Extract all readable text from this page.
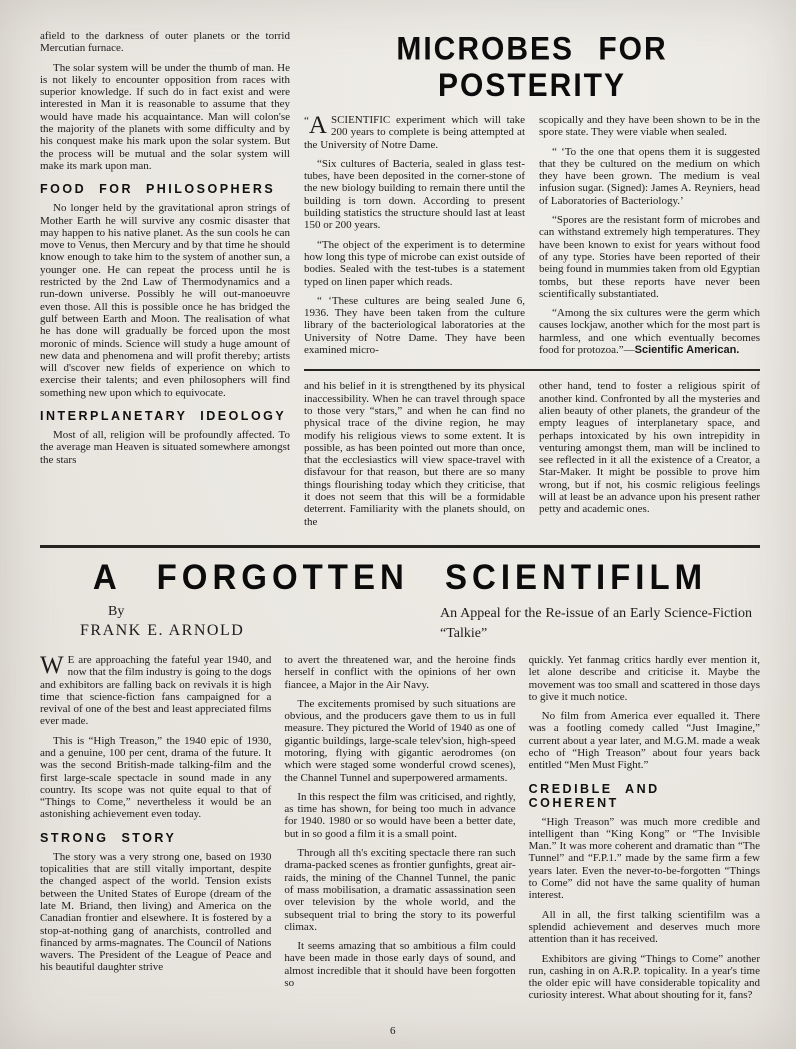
afield to the darkness of outer planets or the torrid Mercutian furnace.

The solar system will be under the thumb of man. He is not likely to encounter opposition from races with superior knowledge. If such do in fact exist and were interested in Man it is reasonable to assume that they would have made his acquaintance. Man will colon'se the majority of the planets with some difficulty and by his conquest make his mark upon the solar system. But the process will be mutual and the solar system will make its mark upon man.

FOOD FOR PHILOSOPHERS

No longer held by the gravitational apron strings of Mother Earth he will survive any cosmic disaster that may happen to his native planet. As the sun cools he can move to Venus, then Mercury and by that time he should know enough to take him to the system of another sun, a younger one. He can repeat the process until he is restricted by the 2nd Law of Thermodynamics and a run-down universe. Possibly he will out-manoeuvre even those. All this is possible once he has bridged the gulf between Earth and Moon. The realisation of what he has done will gradually be forced upon the most moronic of minds. Science will study a huge amount of new data and phenomena and will profit thereby; artists will d'scover new fields of experience on which to exercise their talents; and even philosophers will find something new upon which to equivocate.

INTERPLANETARY IDEOLOGY

Most of all, religion will be profoundly affected. To the average man Heaven is situated somewhere amongst the stars

MICROBES FOR POSTERITY

“A SCIENTIFIC experiment which will take 200 years to complete is being attempted at the University of Notre Dame.

“Six cultures of Bacteria, sealed in glass test-tubes, have been deposited in the corner-stone of the new biology building to remain there until the building is torn down. According to present building statistics the structure should last at least 150 or 200 years.

“The object of the experiment is to determine how long this type of microbe can exist outside of bodies. Sealed with the test-tubes is a statement typed on linen paper which reads.

“ ‘These cultures are being sealed June 6, 1936. They have been taken from the culture library of the bacteriological laboratories at the University of Notre Dame. They have been examined micro-

scopically and they have been shown to be in the spore state. They were viable when sealed.

“ ‘To the one that opens them it is suggested that they be cultured on the medium on which they have been grown. The medium is veal infusion sugar. (Signed): James A. Reyniers, head of Laboratories of Bacteriology.’

“Spores are the resistant form of microbes and can withstand extremely high temperatures. They have been known to exist for years without food of any type. Stories have been reported of their being found in mummies taken from old Egyptian tombs, but these reports have never been scientifically substantiated.

“Among the six cultures were the germ which causes lockjaw, another which for the most part is harmless, and one which eventually becomes food for protozoa.”—Scientific American.

and his belief in it is strengthened by its physical inaccessibility. When he can travel through space to those very “stars,” and when he can find no physical trace of the divine region, he may modify his religious views to some extent. It is possible, as has been pointed out more than once, that the ecclesiastics will view space-travel with disfavour for that reason, but there are so many things flourishing today which they criticise, that it does not seem that this will be a formidable deterrent. Familiarity with the planets should, on the

other hand, tend to foster a religious spirit of another kind. Confronted by all the mysteries and alien beauty of other planets, the grandeur of the empty leagues of interplanetary space, and perhaps intoxicated by his own intrepidity in venturing amongst them, man will be inclined to see reflected in it all the existence of a Creator, a Star-Maker. It might be possible to prove him wrong, but if not, his cosmic religious feelings will at least be an advance upon his present rather petty and academic ones.

A FORGOTTEN SCIENTIFILM

By

FRANK E. ARNOLD

An Appeal for the Re-issue of an Early Science-Fiction “Talkie”

W E are approaching the fateful year 1940, and now that the film industry is going to the dogs and exhibitors are falling back on revivals it is high time that science-fiction fans campaigned for a revival of one of the best and least appreciated films ever made.

This is “High Treason,” the 1940 epic of 1930, and a genuine, 100 per cent, drama of the future. It was the second British-made talking-film and the first large-scale spectacle in sound made in any country. Its scope was not quite equal to that of “Things to Come,” nevertheless it would be an astonishing achievement even today.

STRONG STORY

The story was a very strong one, based on 1930 topicalities that are still vitally important, despite the changed aspect of the world. Tension exists between the United States of Europe (dream of the late M. Briand, then living) and America on the Canadian frontier and elsewhere. It is fostered by a stop-at-nothing gang of anarchists, controlled and financed by arms-magnates. The Council of Nations wavers. The President of the League of Peace and his beautiful daughter strive

to avert the threatened war, and the heroine finds herself in conflict with the opinions of her own fiancee, a Major in the Air Navy.

The excitements promised by such situations are obvious, and the producers gave them to us in full measure. They pictured the World of 1940 as one of gigantic buildings, large-scale telev'sion, high-speed motoring, flying with gigantic aerodromes (on which were staged some wonderful crowd scenes), the Channel Tunnel and superpowered armaments.

In this respect the film was criticised, and rightly, as time has shown, for being too much in advance for 1940. 1980 or so would have been a better date, but in so good a film it is a small point.

Through all th's exciting spectacle there ran such drama-packed scenes as frontier gunfights, great air-raids, the mining of the Channel Tunnel, the panic of mass mobilisation, a dramatic assassination seen over television by the whole world, and the subsequent trial to bring the story to its powerful climax.

It seems amazing that so ambitious a film could have been made in those early days of sound, and almost incredible that it should have been forgotten so

quickly. Yet fanmag critics hardly ever mention it, let alone describe and criticise it. Maybe the movement was too small and scattered in those days to give it much notice.

No film from America ever equalled it. There was a footling comedy called “Just Imagine,” current about a year later, and M.G.M. made a weak echo of “High Treason” about four years back entitled “Men Must Fight.”

CREDIBLE AND COHERENT

“High Treason” was much more credible and intelligent than “King Kong” or “The Invisible Man.” It was more coherent and dramatic than “The Tunnel” and “F.P.1.” made by the same firm a few years later. Even the never-to-be-forgotten “Things to Come” did not have the same quality of human interest.

All in all, the first talking scientifilm was a splendid achievement and deserves much more attention than it has received.

Exhibitors are giving “Things to Come” another run, cashing in on A.R.P. topicality. In a year's time the older epic will have considerable topicality and curiosity interest. What about shouting for it, fans?

6
